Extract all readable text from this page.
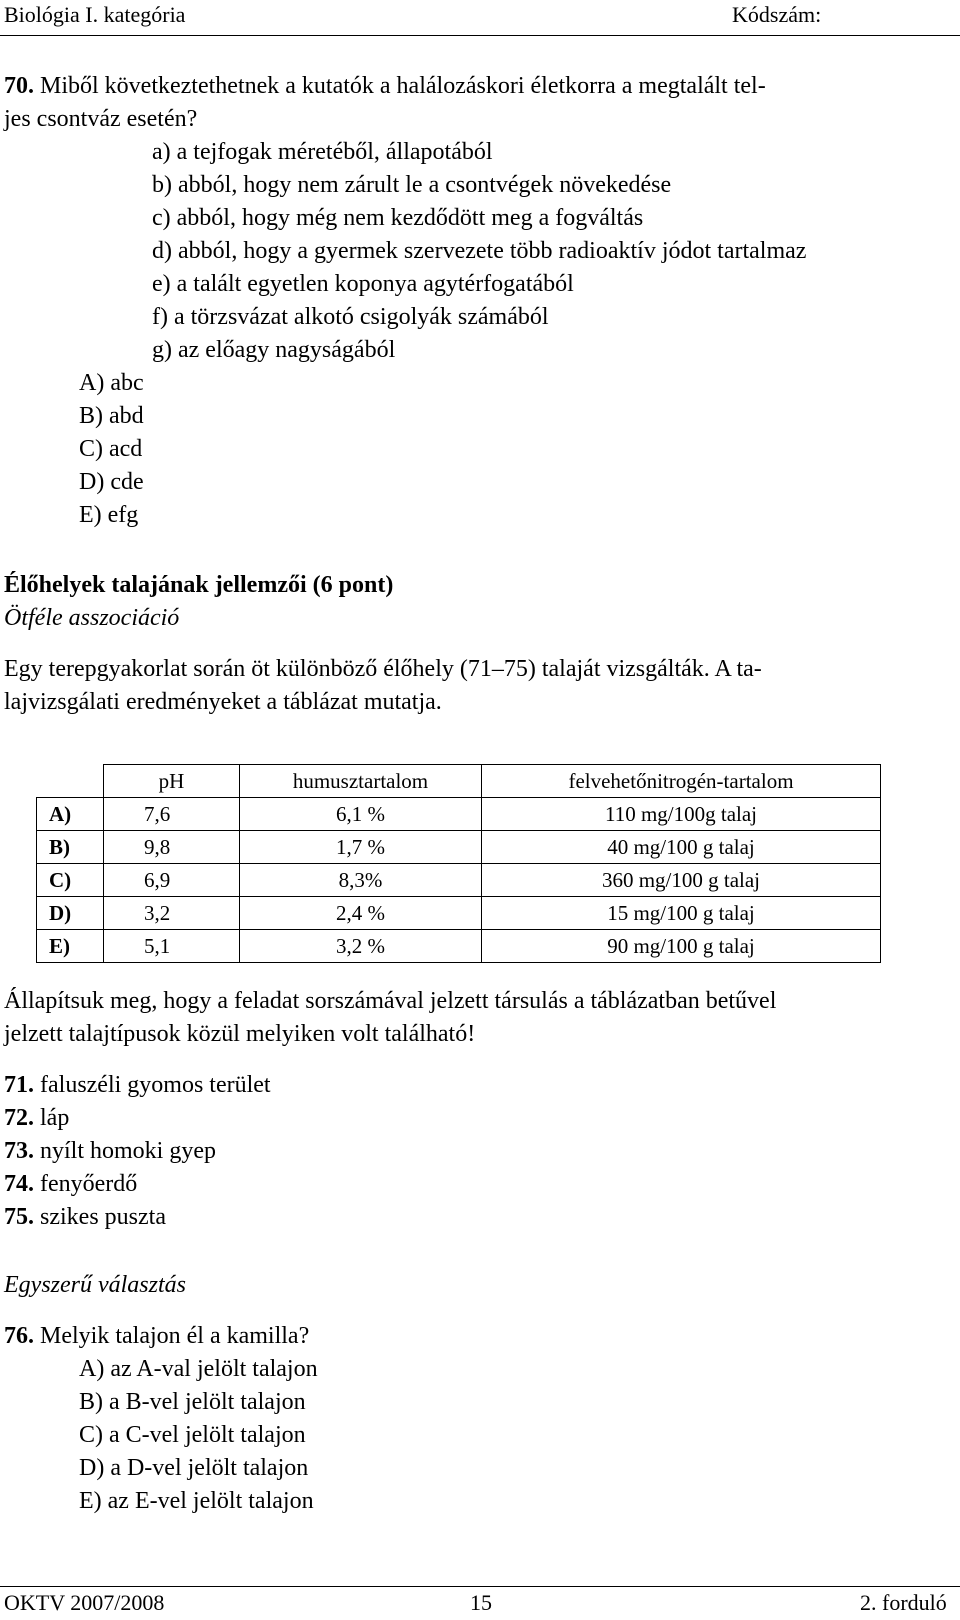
Biológia I. kategória	Kódszám:
70. Miből következtethetnek a kutatók a halálozáskori életkorra a megtalált tel-
jes csontváz esetén?
a) a tejfogak méretéből, állapotából
b) abból, hogy nem zárult le a csontvégek növekedése
c) abból, hogy még nem kezdődött meg a fogváltás
d) abból, hogy a gyermek szervezete több radioaktív jódot tartalmaz
e) a talált egyetlen koponya agytérfogatából
f) a törzsvázat alkotó csigolyák számából
g) az előagy nagyságából
A) abc
B) abd
C) acd
D) cde
E) efg
Élőhelyek talajának jellemzői (6 pont)
Ötféle asszociáció
Egy terepgyakorlat során öt különböző élőhely (71–75) talaját vizsgálták. A ta-
lajvizsgálati eredményeket a táblázat mutatja.
	pH	humusztartalom	felvehetőnitrogén-tartalom
A)	7,6	6,1 %	110 mg/100g talaj
B)	9,8	1,7 %	40 mg/100 g talaj
C)	6,9	8,3%	360 mg/100 g talaj
D)	3,2	2,4 %	15 mg/100 g talaj
E)	5,1	3,2 %	90 mg/100 g talaj
Állapítsuk meg, hogy a feladat sorszámával jelzett társulás a táblázatban betűvel
jelzett talajtípusok közül melyiken volt található!
71. faluszéli gyomos terület
72. láp
73. nyílt homoki gyep
74. fenyőerdő
75. szikes puszta
Egyszerű választás
76. Melyik talajon él a kamilla?
A) az A-val jelölt talajon
B) a B-vel jelölt talajon
C) a C-vel jelölt talajon
D) a D-vel jelölt talajon
E) az E-vel jelölt talajon
OKTV 2007/2008	15	2. forduló
